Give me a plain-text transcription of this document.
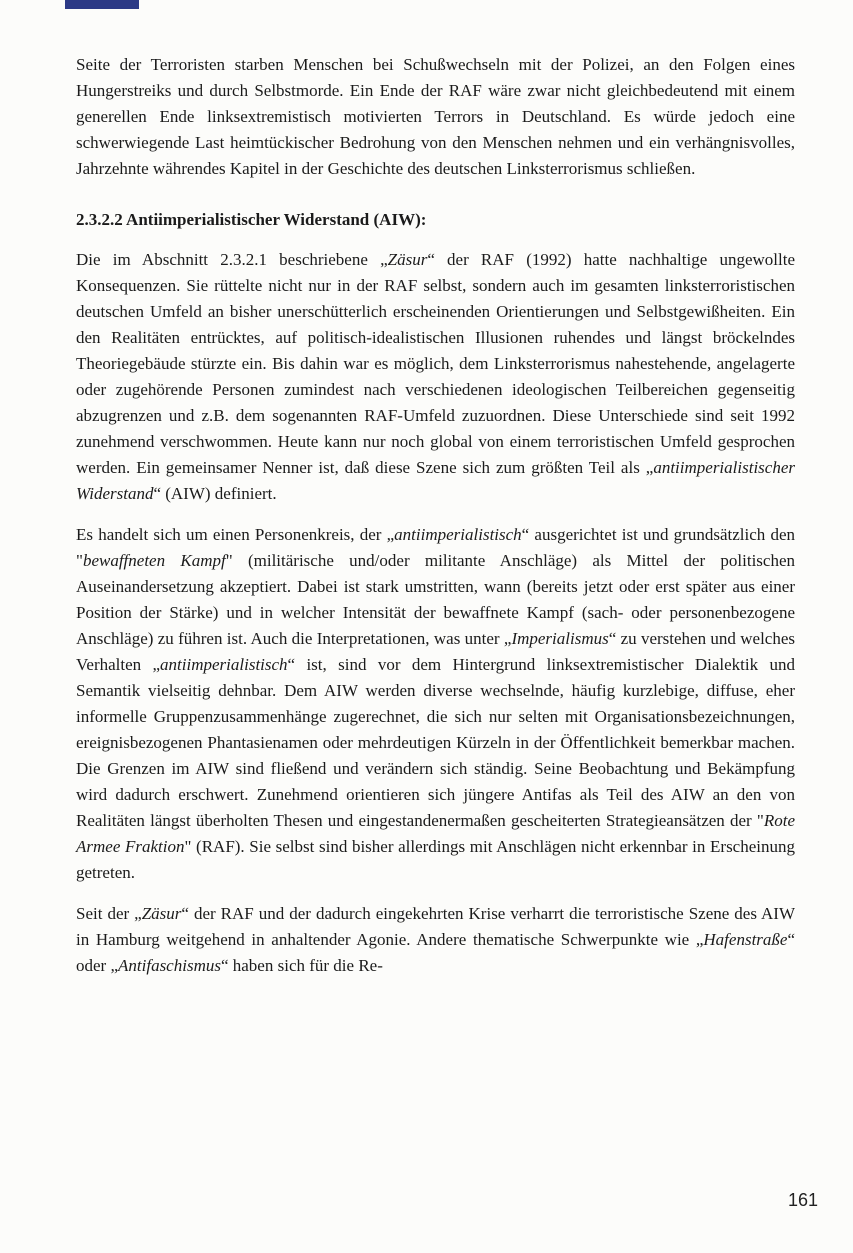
Seite der Terroristen starben Menschen bei Schußwechseln mit der Polizei, an den Folgen eines Hungerstreiks und durch Selbstmorde. Ein Ende der RAF wäre zwar nicht gleichbedeutend mit einem generellen Ende linksextremistisch motivierten Terrors in Deutschland. Es würde jedoch eine schwerwiegende Last heimtückischer Bedrohung von den Menschen nehmen und ein verhängnisvolles, Jahrzehnte währendes Kapitel in der Geschichte des deutschen Linksterrorismus schließen.

2.3.2.2 Antiimperialistischer Widerstand (AIW):

Die im Abschnitt 2.3.2.1 beschriebene „Zäsur“ der RAF (1992) hatte nachhaltige ungewollte Konsequenzen. Sie rüttelte nicht nur in der RAF selbst, sondern auch im gesamten linksterroristischen deutschen Umfeld an bisher unerschütterlich erscheinenden Orientierungen und Selbstgewißheiten. Ein den Realitäten entrücktes, auf politisch-idealistischen Illusionen ruhendes und längst bröckelndes Theoriegebäude stürzte ein. Bis dahin war es möglich, dem Linksterrorismus nahestehende, angelagerte oder zugehörende Personen zumindest nach verschiedenen ideologischen Teilbereichen gegenseitig abzugrenzen und z.B. dem sogenannten RAF-Umfeld zuzuordnen. Diese Unterschiede sind seit 1992 zunehmend verschwommen. Heute kann nur noch global von einem terroristischen Umfeld gesprochen werden. Ein gemeinsamer Nenner ist, daß diese Szene sich zum größten Teil als „antiimperialistischer Widerstand“ (AIW) definiert.

Es handelt sich um einen Personenkreis, der „antiimperialistisch“ ausgerichtet ist und grundsätzlich den "bewaffneten Kampf" (militärische und/oder militante Anschläge) als Mittel der politischen Auseinandersetzung akzeptiert. Dabei ist stark umstritten, wann (bereits jetzt oder erst später aus einer Position der Stärke) und in welcher Intensität der bewaffnete Kampf (sach- oder personenbezogene Anschläge) zu führen ist. Auch die Interpretationen, was unter „Imperialismus“ zu verstehen und welches Verhalten „antiimperialistisch“ ist, sind vor dem Hintergrund linksextremistischer Dialektik und Semantik vielseitig dehnbar. Dem AIW werden diverse wechselnde, häufig kurzlebige, diffuse, eher informelle Gruppenzusammenhänge zugerechnet, die sich nur selten mit Organisationsbezeichnungen, ereignisbezogenen Phantasienamen oder mehrdeutigen Kürzeln in der Öffentlichkeit bemerkbar machen. Die Grenzen im AIW sind fließend und verändern sich ständig. Seine Beobachtung und Bekämpfung wird dadurch erschwert. Zunehmend orientieren sich jüngere Antifas als Teil des AIW an den von Realitäten längst überholten Thesen und eingestandenermaßen gescheiterten Strategieansätzen der "Rote Armee Fraktion" (RAF). Sie selbst sind bisher allerdings mit Anschlägen nicht erkennbar in Erscheinung getreten.

Seit der „Zäsur“ der RAF und der dadurch eingekehrten Krise verharrt die terroristische Szene des AIW in Hamburg weitgehend in anhaltender Agonie. Andere thematische Schwerpunkte wie „Hafenstraße“ oder „Antifaschismus“ haben sich für die Re-

161
